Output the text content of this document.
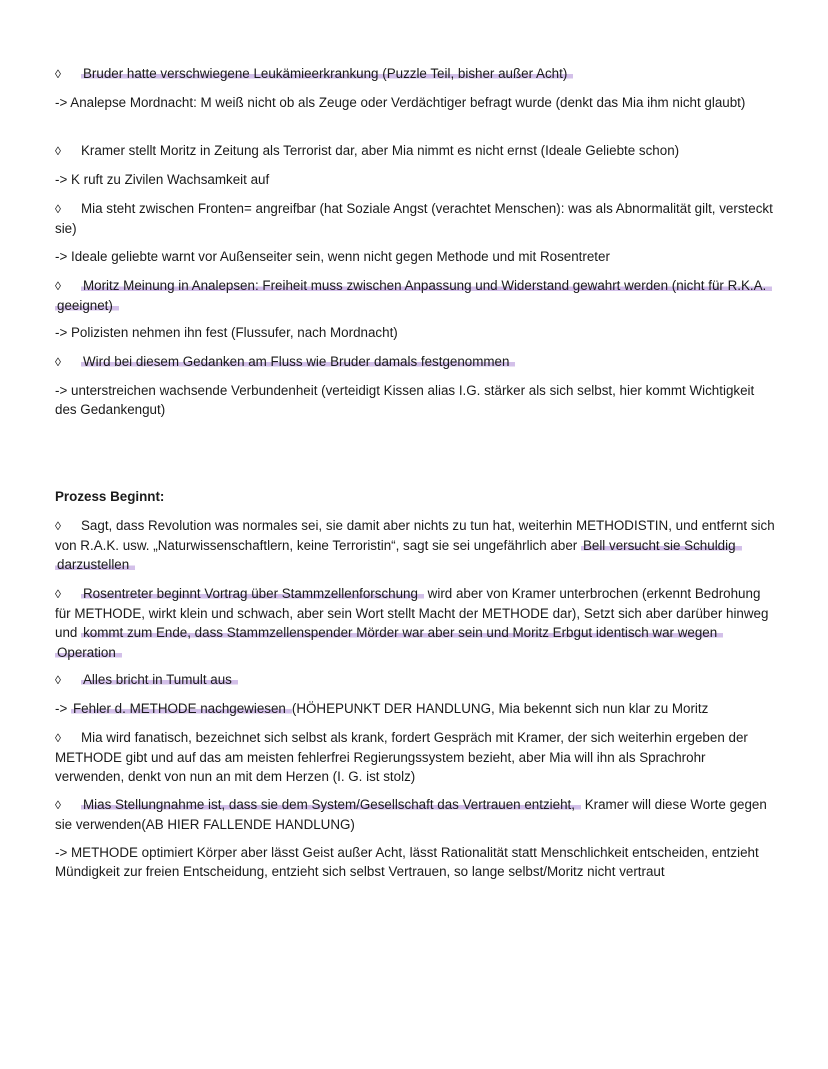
◊ Bruder hatte verschwiegene Leukämieerkrankung (Puzzle Teil, bisher außer Acht)

-> Analepse Mordnacht: M weiß nicht ob als Zeuge oder Verdächtiger befragt wurde (denkt das Mia ihm nicht glaubt)

◊ Kramer stellt Moritz in Zeitung als Terrorist dar, aber Mia nimmt es nicht ernst (Ideale Geliebte schon)

-> K ruft zu Zivilen Wachsamkeit auf

◊ Mia steht zwischen Fronten= angreifbar (hat Soziale Angst (verachtet Menschen): was als Abnormalität gilt, versteckt sie)

-> Ideale geliebte warnt vor Außenseiter sein, wenn nicht gegen Methode und mit Rosentreter

◊ Moritz Meinung in Analepsen: Freiheit muss zwischen Anpassung und Widerstand gewahrt werden (nicht für R.K.A. geeignet)

-> Polizisten nehmen ihn fest (Flussufer, nach Mordnacht)

◊ Wird bei diesem Gedanken am Fluss wie Bruder damals festgenommen

-> unterstreichen wachsende Verbundenheit (verteidigt Kissen alias I.G. stärker als sich selbst, hier kommt Wichtigkeit des Gedankengut)

Prozess Beginnt:

◊ Sagt, dass Revolution was normales sei, sie damit aber nichts zu tun hat, weiterhin METHODISTIN, und entfernt sich von R.A.K. usw. „Naturwissenschaftlern, keine Terroristin“, sagt sie sei ungefährlich aber Bell versucht sie Schuldig darzustellen

◊ Rosentreter beginnt Vortrag über Stammzellenforschung wird aber von Kramer unterbrochen (erkennt Bedrohung für METHODE, wirkt klein und schwach, aber sein Wort stellt Macht der METHODE dar), Setzt sich aber darüber hinweg und kommt zum Ende, dass Stammzellenspender Mörder war aber sein und Moritz Erbgut identisch war wegen Operation

◊ Alles bricht in Tumult aus

-> Fehler d. METHODE nachgewiesen (HÖHEPUNKT DER HANDLUNG, Mia bekennt sich nun klar zu Moritz

◊ Mia wird fanatisch, bezeichnet sich selbst als krank, fordert Gespräch mit Kramer, der sich weiterhin ergeben der METHODE gibt und auf das am meisten fehlerfrei Regierungssystem bezieht, aber Mia will ihn als Sprachrohr verwenden, denkt von nun an mit dem Herzen (I. G. ist stolz)

◊ Mias Stellungnahme ist, dass sie dem System/Gesellschaft das Vertrauen entzieht, Kramer will diese Worte gegen sie verwenden(AB HIER FALLENDE HANDLUNG)

-> METHODE optimiert Körper aber lässt Geist außer Acht, lässt Rationalität statt Menschlichkeit entscheiden, entzieht Mündigkeit zur freien Entscheidung, entzieht sich selbst Vertrauen, so lange selbst/Moritz nicht vertraut
